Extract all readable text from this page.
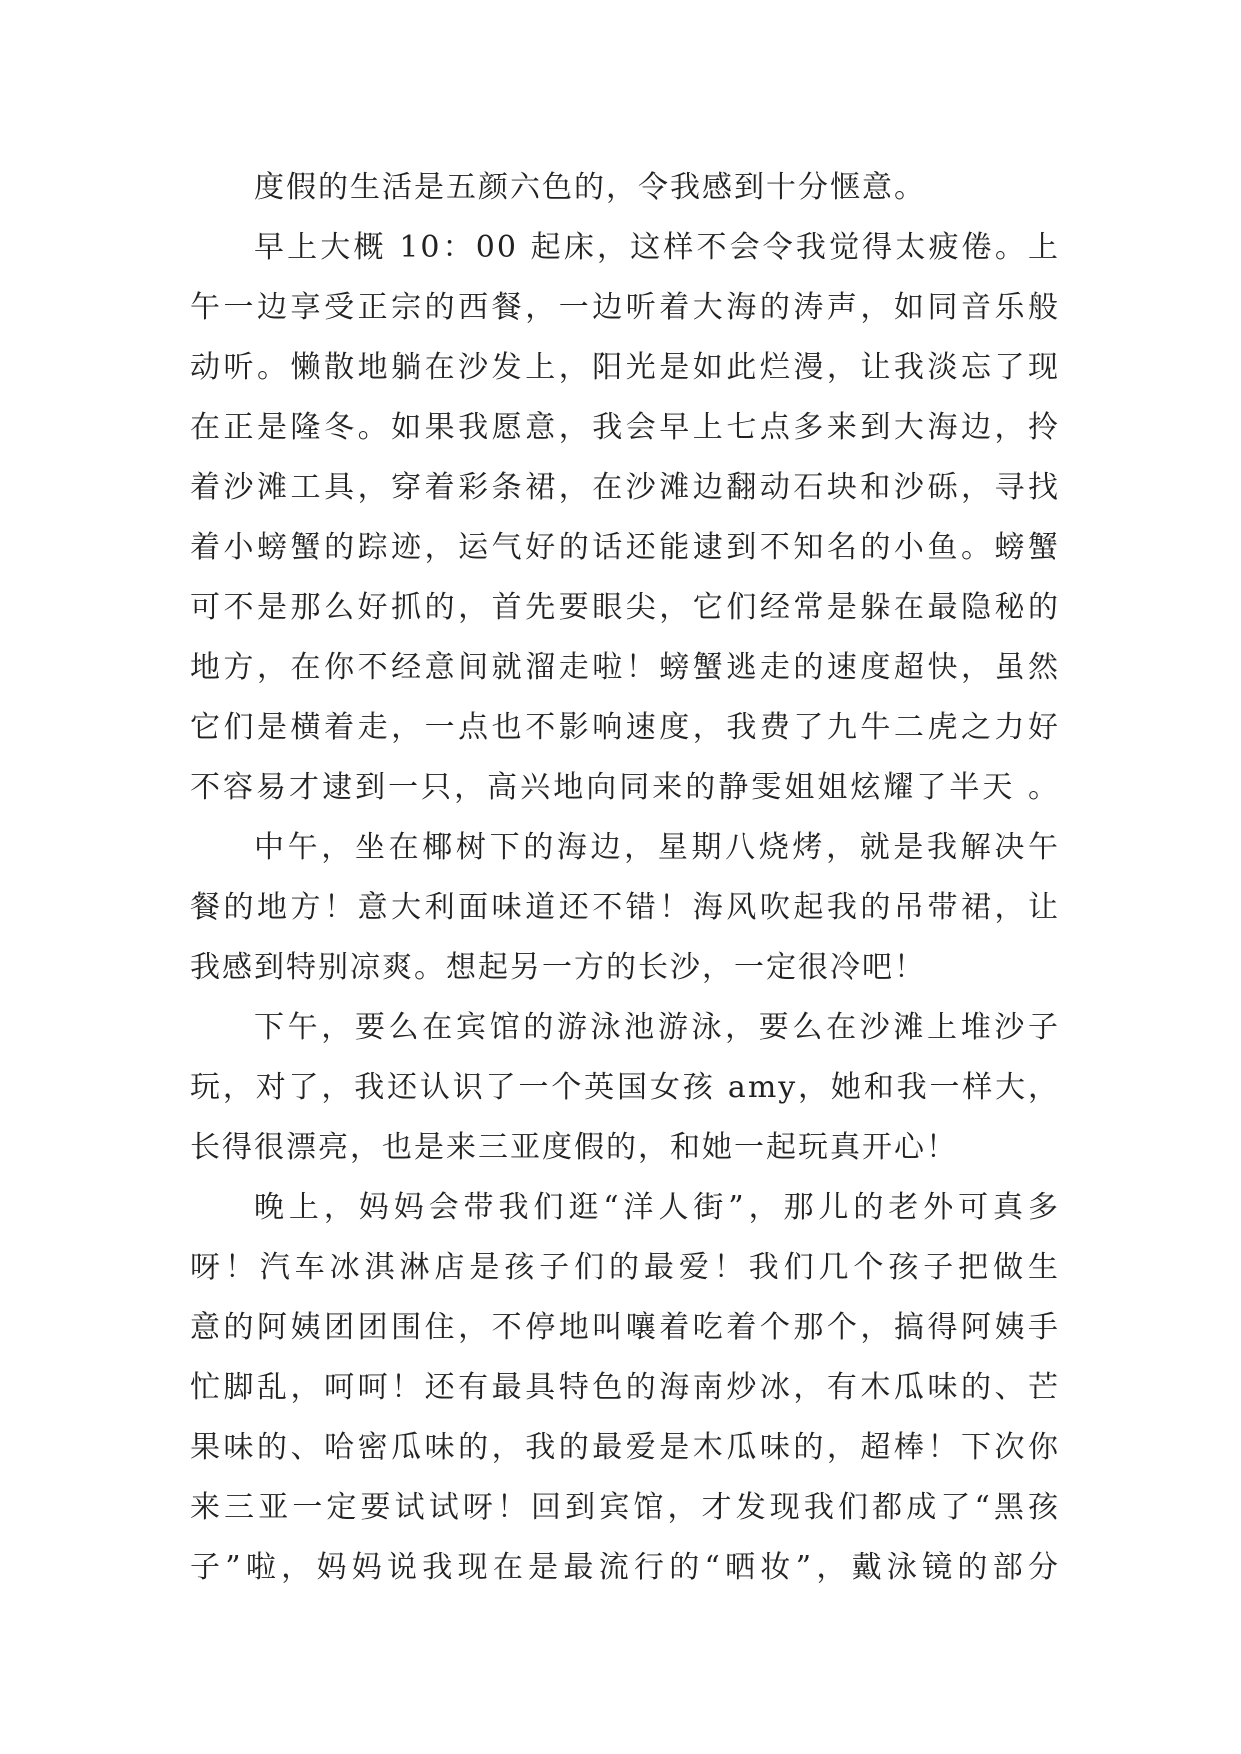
度假的生活是五颜六色的，令我感到十分惬意。

早上大概 10：00 起床，这样不会令我觉得太疲倦。上
午一边享受正宗的西餐，一边听着大海的涛声，如同音乐般
动听。懒散地躺在沙发上，阳光是如此烂漫，让我淡忘了现
在正是隆冬。如果我愿意，我会早上七点多来到大海边，拎
着沙滩工具，穿着彩条裙，在沙滩边翻动石块和沙砾，寻找
着小螃蟹的踪迹，运气好的话还能逮到不知名的小鱼。螃蟹
可不是那么好抓的，首先要眼尖，它们经常是躲在最隐秘的
地方，在你不经意间就溜走啦！螃蟹逃走的速度超快，虽然
它们是横着走，一点也不影响速度，我费了九牛二虎之力好
不容易才逮到一只，高兴地向同来的静雯姐姐炫耀了半天 。

中午，坐在椰树下的海边，星期八烧烤，就是我解决午
餐的地方！意大利面味道还不错！海风吹起我的吊带裙，让
我感到特别凉爽。想起另一方的长沙，一定很冷吧！

下午，要么在宾馆的游泳池游泳，要么在沙滩上堆沙子
玩，对了，我还认识了一个英国女孩 amy，她和我一样大，
长得很漂亮，也是来三亚度假的，和她一起玩真开心！

晚上，妈妈会带我们逛“洋人街”，那儿的老外可真多
呀！汽车冰淇淋店是孩子们的最爱！我们几个孩子把做生
意的阿姨团团围住，不停地叫嚷着吃着个那个，搞得阿姨手
忙脚乱，呵呵！还有最具特色的海南炒冰，有木瓜味的、芒
果味的、哈密瓜味的，我的最爱是木瓜味的，超棒！下次你
来三亚一定要试试呀！回到宾馆，才发现我们都成了“黑孩
子”啦，妈妈说我现在是最流行的“晒妆”，戴泳镜的部分
